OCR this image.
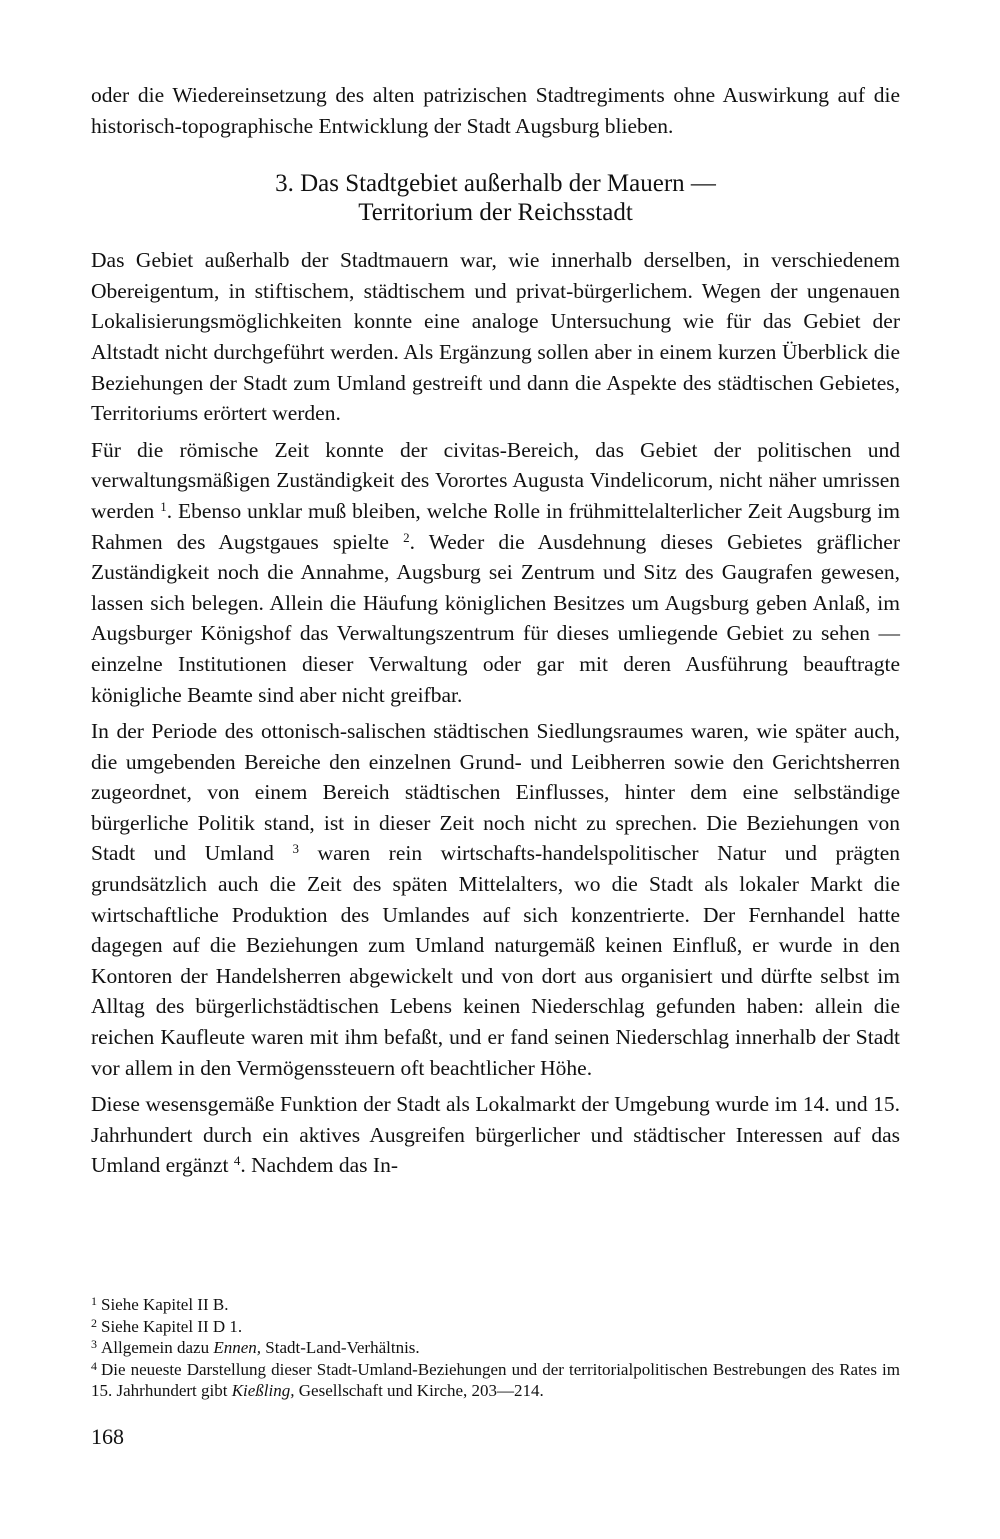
oder die Wiedereinsetzung des alten patrizischen Stadtregiments ohne Auswirkung auf die historisch-topographische Entwicklung der Stadt Augsburg blieben.

3. Das Stadtgebiet außerhalb der Mauern —
Territorium der Reichsstadt

Das Gebiet außerhalb der Stadtmauern war, wie innerhalb derselben, in verschiedenem Obereigentum, in stiftischem, städtischem und privat-bürgerlichem. Wegen der ungenauen Lokalisierungsmöglichkeiten konnte eine analoge Untersuchung wie für das Gebiet der Altstadt nicht durchgeführt werden. Als Ergänzung sollen aber in einem kurzen Überblick die Beziehungen der Stadt zum Umland gestreift und dann die Aspekte des städtischen Gebietes, Territoriums erörtert werden.

Für die römische Zeit konnte der civitas-Bereich, das Gebiet der politischen und verwaltungsmäßigen Zuständigkeit des Vorortes Augusta Vindelicorum, nicht näher umrissen werden $^1$. Ebenso unklar muß bleiben, welche Rolle in frühmittelalterlicher Zeit Augsburg im Rahmen des Augstgaues spielte $^2$. Weder die Ausdehnung dieses Gebietes gräflicher Zuständigkeit noch die Annahme, Augsburg sei Zentrum und Sitz des Gaugrafen gewesen, lassen sich belegen. Allein die Häufung königlichen Besitzes um Augsburg geben Anlaß, im Augsburger Königshof das Verwaltungszentrum für dieses umliegende Gebiet zu sehen — einzelne Institutionen dieser Verwaltung oder gar mit deren Ausführung beauftragte königliche Beamte sind aber nicht greifbar.

In der Periode des ottonisch-salischen städtischen Siedlungsraumes waren, wie später auch, die umgebenden Bereiche den einzelnen Grund- und Leibherren sowie den Gerichtsherren zugeordnet, von einem Bereich städtischen Einflusses, hinter dem eine selbständige bürgerliche Politik stand, ist in dieser Zeit noch nicht zu sprechen. Die Beziehungen von Stadt und Umland $^3$ waren rein wirtschafts-handelspolitischer Natur und prägten grundsätzlich auch die Zeit des späten Mittelalters, wo die Stadt als lokaler Markt die wirtschaftliche Produktion des Umlandes auf sich konzentrierte. Der Fernhandel hatte dagegen auf die Beziehungen zum Umland naturgemäß keinen Einfluß, er wurde in den Kontoren der Handelsherren abgewickelt und von dort aus organisiert und dürfte selbst im Alltag des bürgerlichstädtischen Lebens keinen Niederschlag gefunden haben: allein die reichen Kaufleute waren mit ihm befaßt, und er fand seinen Niederschlag innerhalb der Stadt vor allem in den Vermögenssteuern oft beachtlicher Höhe.

Diese wesensgemäße Funktion der Stadt als Lokalmarkt der Umgebung wurde im 14. und 15. Jahrhundert durch ein aktives Ausgreifen bürgerlicher und städtischer Interessen auf das Umland ergänzt $^4$. Nachdem das In-

$^1$ Siehe Kapitel II B.
$^2$ Siehe Kapitel II D 1.
$^3$ Allgemein dazu Ennen, Stadt-Land-Verhältnis.
$^4$ Die neueste Darstellung dieser Stadt-Umland-Beziehungen und der territorialpolitischen Bestrebungen des Rates im 15. Jahrhundert gibt Kießling, Gesellschaft und Kirche, 203—214.
168
